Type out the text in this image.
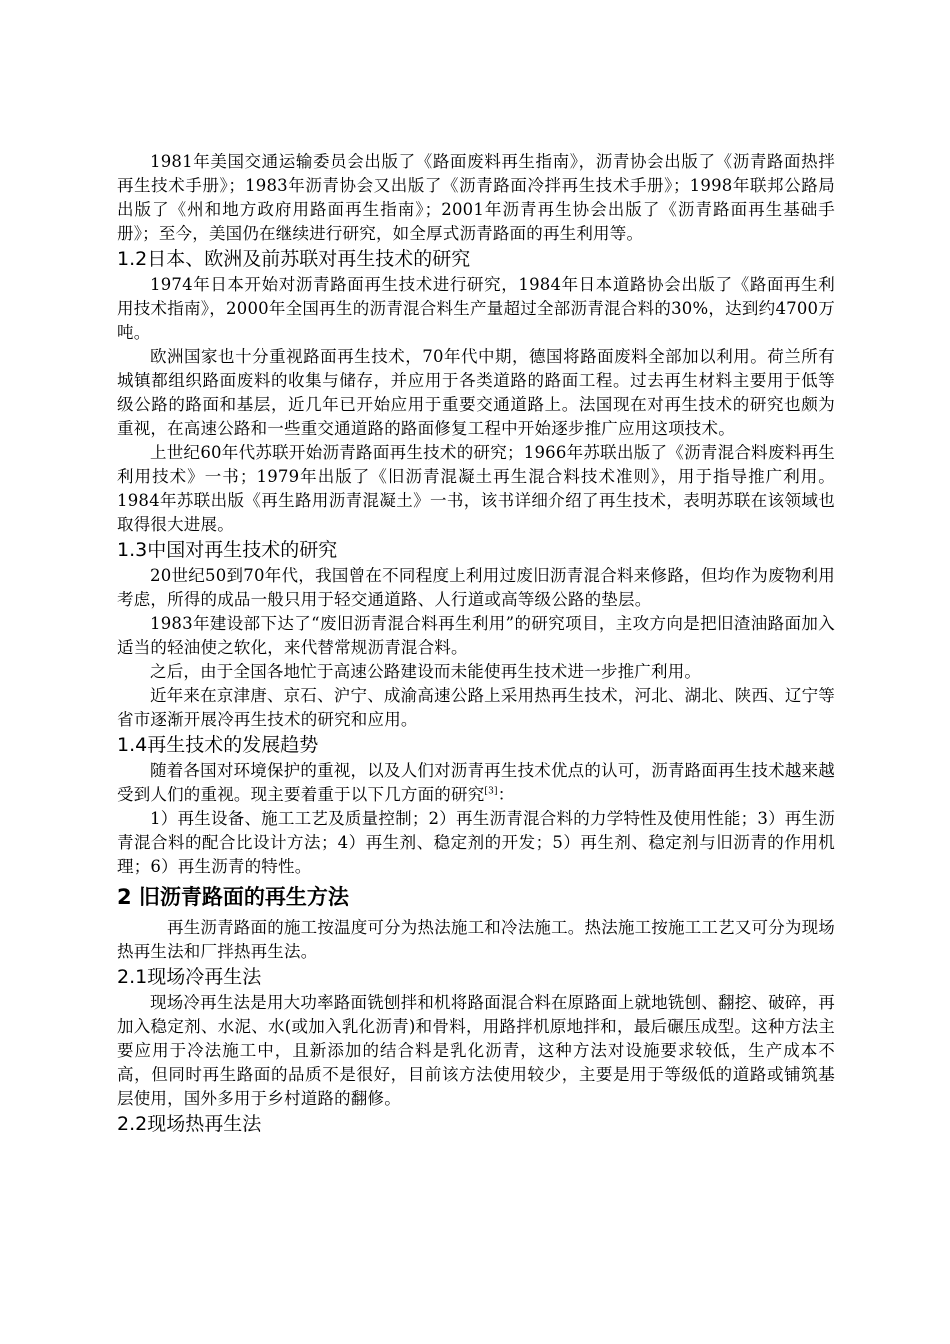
1981年美国交通运输委员会出版了《路面废料再生指南》，沥青协会出版了《沥青路面热拌再生技术手册》；1983年沥青协会又出版了《沥青路面冷拌再生技术手册》；1998年联邦公路局出版了《州和地方政府用路面再生指南》；2001年沥青再生协会出版了《沥青路面再生基础手册》；至今，美国仍在继续进行研究，如全厚式沥青路面的再生利用等。

1.2日本、欧洲及前苏联对再生技术的研究

1974年日本开始对沥青路面再生技术进行研究，1984年日本道路协会出版了《路面再生利用技术指南》，2000年全国再生的沥青混合料生产量超过全部沥青混合料的30%，达到约4700万吨。

欧洲国家也十分重视路面再生技术，70年代中期，德国将路面废料全部加以利用。荷兰所有城镇都组织路面废料的收集与储存，并应用于各类道路的路面工程。过去再生材料主要用于低等级公路的路面和基层，近几年已开始应用于重要交通道路上。法国现在对再生技术的研究也颇为重视，在高速公路和一些重交通道路的路面修复工程中开始逐步推广应用这项技术。

上世纪60年代苏联开始沥青路面再生技术的研究；1966年苏联出版了《沥青混合料废料再生利用技术》一书；1979年出版了《旧沥青混凝土再生混合料技术准则》，用于指导推广利用。1984年苏联出版《再生路用沥青混凝土》一书，该书详细介绍了再生技术，表明苏联在该领域也取得很大进展。

1.3中国对再生技术的研究

20世纪50到70年代，我国曾在不同程度上利用过废旧沥青混合料来修路，但均作为废物利用考虑，所得的成品一般只用于轻交通道路、人行道或高等级公路的垫层。

1983年建设部下达了“废旧沥青混合料再生利用”的研究项目，主攻方向是把旧渣油路面加入适当的轻油使之软化，来代替常规沥青混合料。

之后，由于全国各地忙于高速公路建设而未能使再生技术进一步推广利用。

近年来在京津唐、京石、沪宁、成渝高速公路上采用热再生技术，河北、湖北、陕西、辽宁等省市逐渐开展冷再生技术的研究和应用。

1.4再生技术的发展趋势

随着各国对环境保护的重视，以及人们对沥青再生技术优点的认可，沥青路面再生技术越来越受到人们的重视。现主要着重于以下几方面的研究[3]：

1）再生设备、施工工艺及质量控制；2）再生沥青混合料的力学特性及使用性能；3）再生沥青混合料的配合比设计方法；4）再生剂、稳定剂的开发；5）再生剂、稳定剂与旧沥青的作用机理；6）再生沥青的特性。

2 旧沥青路面的再生方法

再生沥青路面的施工按温度可分为热法施工和冷法施工。热法施工按施工工艺又可分为现场热再生法和厂拌热再生法。

2.1现场冷再生法

现场冷再生法是用大功率路面铣刨拌和机将路面混合料在原路面上就地铣刨、翻挖、破碎，再加入稳定剂、水泥、水(或加入乳化沥青)和骨料，用路拌机原地拌和，最后碾压成型。这种方法主要应用于冷法施工中，且新添加的结合料是乳化沥青，这种方法对设施要求较低，生产成本不高，但同时再生路面的品质不是很好，目前该方法使用较少，主要是用于等级低的道路或铺筑基层使用，国外多用于乡村道路的翻修。

2.2现场热再生法
